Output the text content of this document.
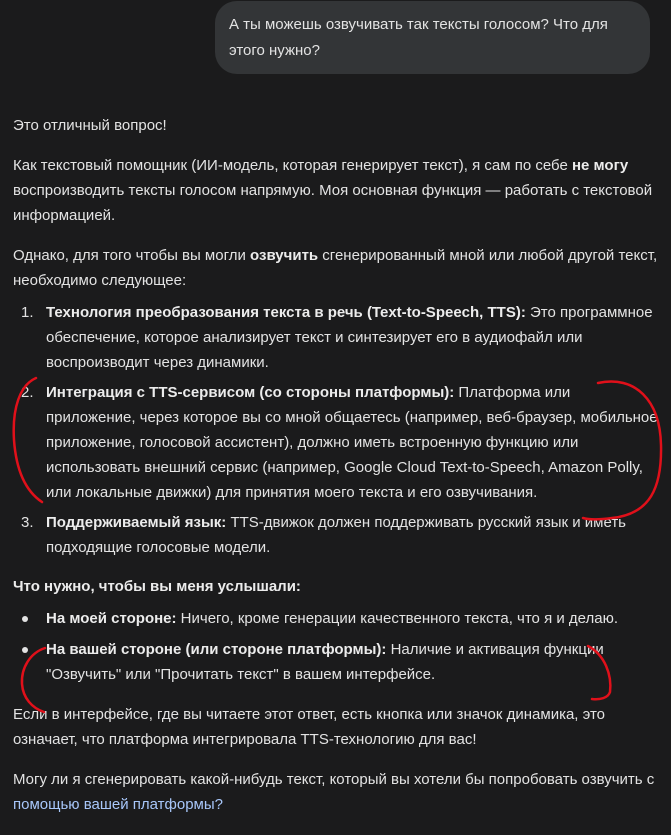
А ты можешь озвучивать так тексты голосом? Что для
этого нужно?

Это отличный вопрос!

Как текстовый помощник (ИИ-модель, которая генерирует текст), я сам по себе не могу воспроизводить тексты голосом напрямую. Моя основная функция — работать с текстовой информацией.

Однако, для того чтобы вы могли озвучить сгенерированный мной или любой другой текст, необходимо следующее:

1. Технология преобразования текста в речь (Text-to-Speech, TTS): Это программное обеспечение, которое анализирует текст и синтезирует его в аудиофайл или воспроизводит через динамики.
2. Интеграция с TTS-сервисом (со стороны платформы): Платформа или приложение, через которое вы со мной общаетесь (например, веб-браузер, мобильное приложение, голосовой ассистент), должно иметь встроенную функцию или использовать внешний сервис (например, Google Cloud Text-to-Speech, Amazon Polly, или локальные движки) для принятия моего текста и его озвучивания.
3. Поддерживаемый язык: TTS-движок должен поддерживать русский язык и иметь подходящие голосовые модели.

Что нужно, чтобы вы меня услышали:

На моей стороне: Ничего, кроме генерации качественного текста, что я и делаю.
На вашей стороне (или стороне платформы): Наличие и активация функции "Озвучить" или "Прочитать текст" в вашем интерфейсе.

Если в интерфейсе, где вы читаете этот ответ, есть кнопка или значок динамика, это означает, что платформа интегрировала TTS-технологию для вас!

Могу ли я сгенерировать какой-нибудь текст, который вы хотели бы попробовать озвучить с
помощью вашей платформы?
